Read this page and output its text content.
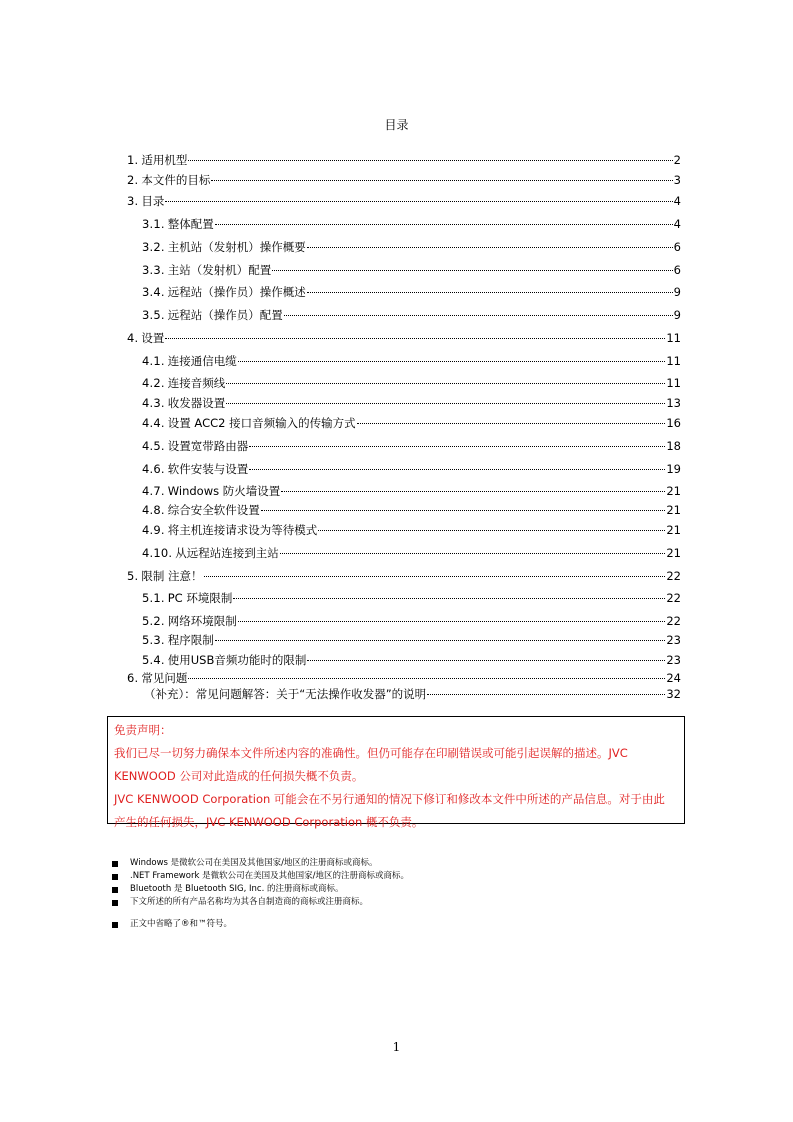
目录
1. 适用机型	2
2. 本文件的目标	3
3. 目录	4
3.1. 整体配置	4
3.2. 主机站（发射机）操作概要	6
3.3. 主站（发射机）配置	6
3.4. 远程站（操作员）操作概述	9
3.5. 远程站（操作员）配置	9
4. 设置	11
4.1. 连接通信电缆	11
4.2. 连接音频线	11
4.3. 收发器设置	13
4.4. 设置 ACC2 接口音频输入的传输方式	16
4.5. 设置宽带路由器	18
4.6. 软件安装与设置	19
4.7. Windows 防火墙设置	21
4.8. 综合安全软件设置	21
4.9. 将主机连接请求设为等待模式	21
4.10. 从远程站连接到主站	21
5. 限制 注意！	22
5.1. PC 环境限制	22
5.2. 网络环境限制	22
5.3. 程序限制	23
5.4. 使用USB音频功能时的限制	23
6. 常见问题	24
（补充）：常见问题解答：关于“无法操作收发器”的说明	32

免责声明：

我们已尽一切努力确保本文件所述内容的准确性。但仍可能存在印刷错误或可能引起误解的描述。JVC

KENWOOD 公司对此造成的任何损失概不负责。

JVC KENWOOD Corporation 可能会在不另行通知的情况下修订和修改本文件中所述的产品信息。对于由此

产生的任何损失，JVC KENWOOD Corporation 概不负责。

Windows 是微软公司在美国及其他国家/地区的注册商标或商标。
.NET Framework 是微软公司在美国及其他国家/地区的注册商标或商标。
Bluetooth 是 Bluetooth SIG, Inc. 的注册商标或商标。
下文所述的所有产品名称均为其各自制造商的商标或注册商标。
正文中省略了®和™符号。
1
